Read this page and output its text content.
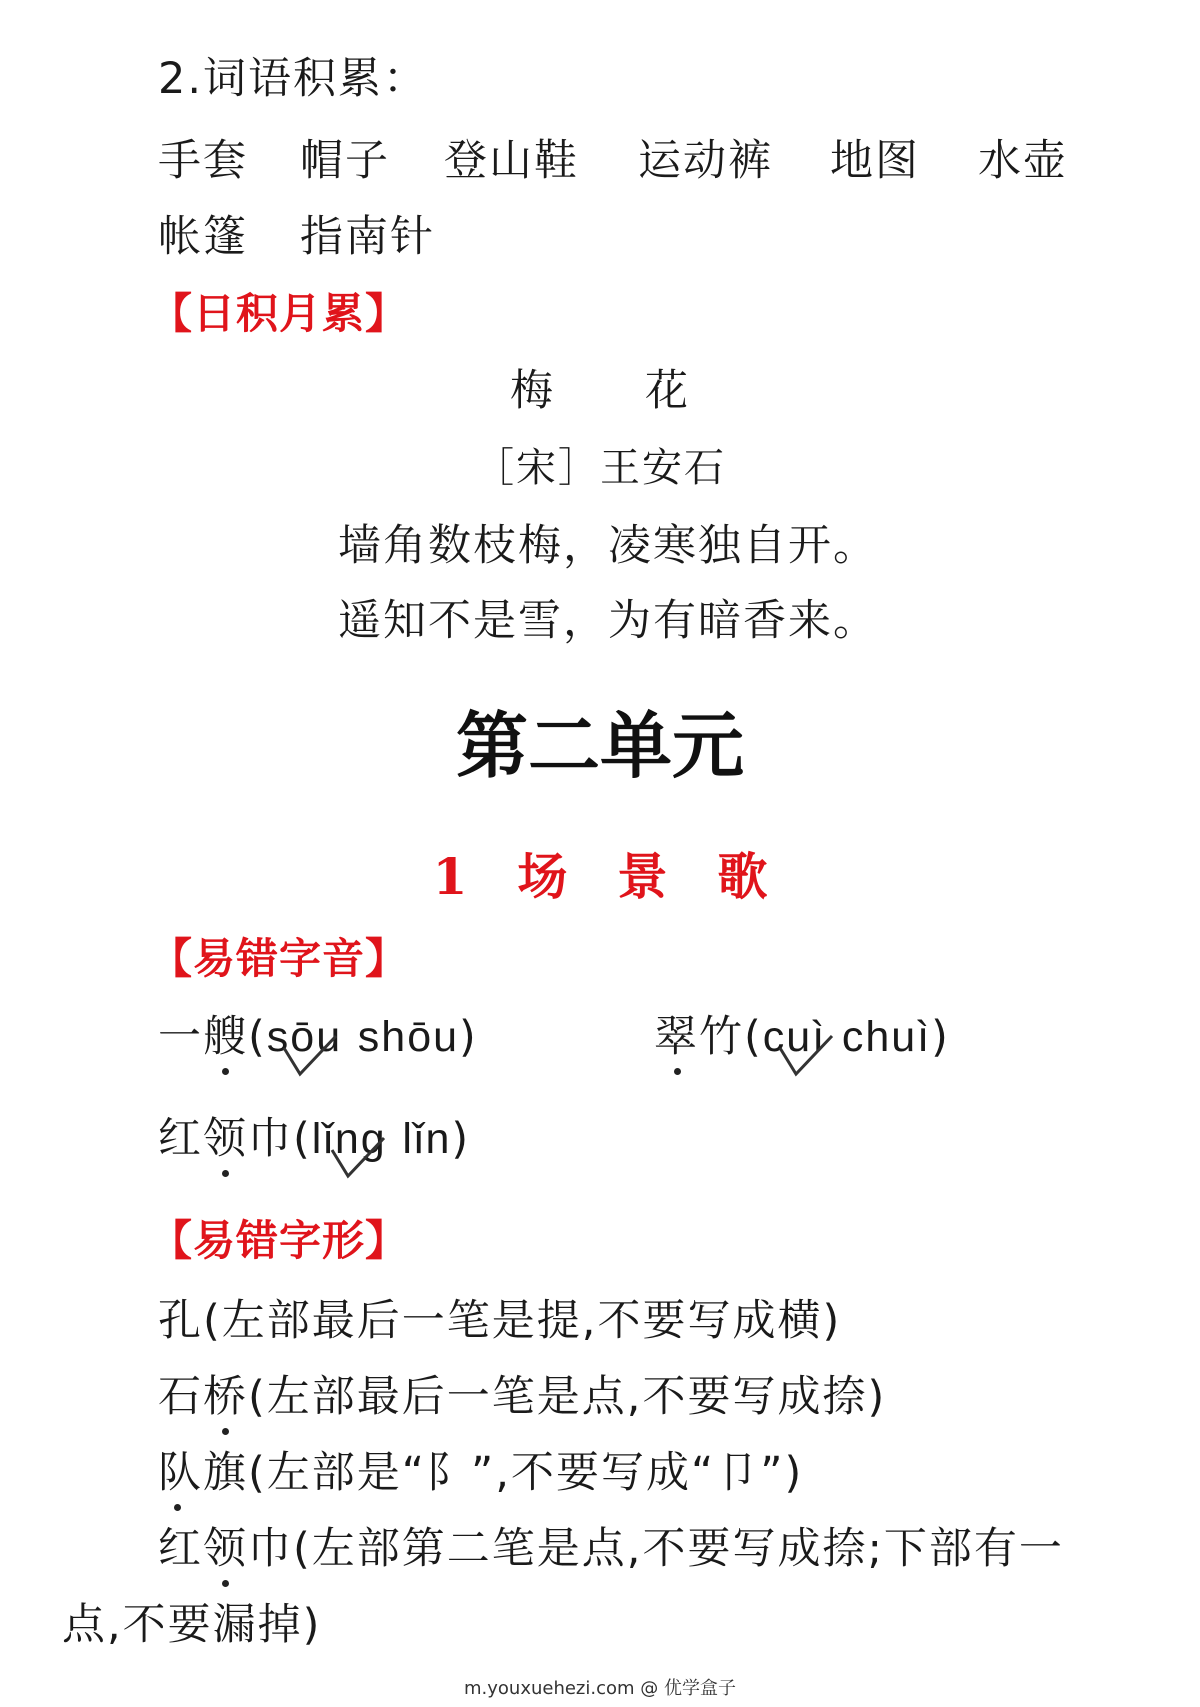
2.词语积累：
手套 帽子 登山鞋 运动裤 地图 水壶
帐篷 指南针
【日积月累】
梅　　花
［宋］王安石
墙角数枝梅，凌寒独自开。
遥知不是雪，为有暗香来。
第二单元
1　 场　景　歌
【易错字音】
一艘(sōu shōu)	翠竹(cuì chuì)
红领巾(lǐng lǐn)
【易错字形】
孔(左部最后一笔是提,不要写成横)
石桥(左部最后一笔是点,不要写成捺)
队旗(左部是“阝”,不要写成“卩”)
红领巾(左部第二笔是点,不要写成捺;下部有一
点,不要漏掉)
m.youxuehezi.com @ 优学盒子
